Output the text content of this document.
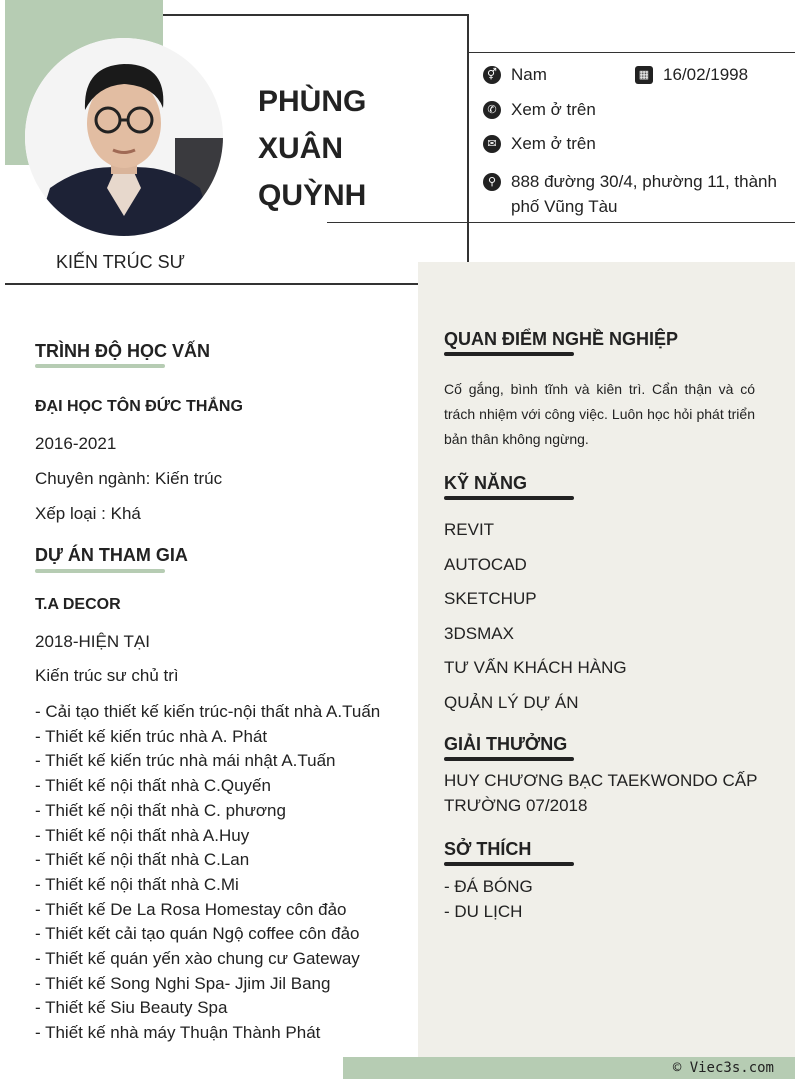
© Viec3s.com
PHÙNG
XUÂN
QUỲNH
KIẾN TRÚC SƯ
⚥ Nam	▦ 16/02/1998
✆ Xem ở trên
✉ Xem ở trên
⚲ 888 đường 30/4, phường 11, thành
phố Vũng Tàu
TRÌNH ĐỘ HỌC VẤN
ĐẠI HỌC TÔN ĐỨC THẮNG
2016-2021
Chuyên ngành: Kiến trúc
Xếp loại : Khá
DỰ ÁN THAM GIA
T.A DECOR
2018-HIỆN TẠI
Kiến trúc sư chủ trì
- Cải tạo thiết kế kiến trúc-nội thất nhà A.Tuấn
- Thiết kế kiến trúc nhà A. Phát
- Thiết kế kiến trúc nhà mái nhật A.Tuấn
- Thiết kế nội thất nhà C.Quyến
- Thiết kế nội thất nhà C. phương
- Thiết kế nội thất nhà A.Huy
- Thiết kế nội thất nhà C.Lan
- Thiết kế nội thất nhà C.Mi
- Thiết kế De La Rosa Homestay côn đảo
- Thiết kết cải tạo quán Ngộ coffee côn đảo
- Thiết kế quán yến xào chung cư Gateway
- Thiết kế Song Nghi Spa- Jjim Jil Bang
- Thiết kế Siu Beauty Spa
- Thiết kế nhà máy Thuận Thành Phát
QUAN ĐIỂM NGHỀ NGHIỆP
Cố gắng, bình tĩnh và kiên trì. Cẩn thận và có trách nhiệm với công việc. Luôn học hỏi phát triển bản thân không ngừng.
KỸ NĂNG
REVIT
AUTOCAD
SKETCHUP
3DSMAX
TƯ VẤN KHÁCH HÀNG
QUẢN LÝ DỰ ÁN
GIẢI THƯỞNG
HUY CHƯƠNG BẠC TAEKWONDO CẤP
TRƯỜNG 07/2018
SỞ THÍCH
- ĐÁ BÓNG
- DU LỊCH
